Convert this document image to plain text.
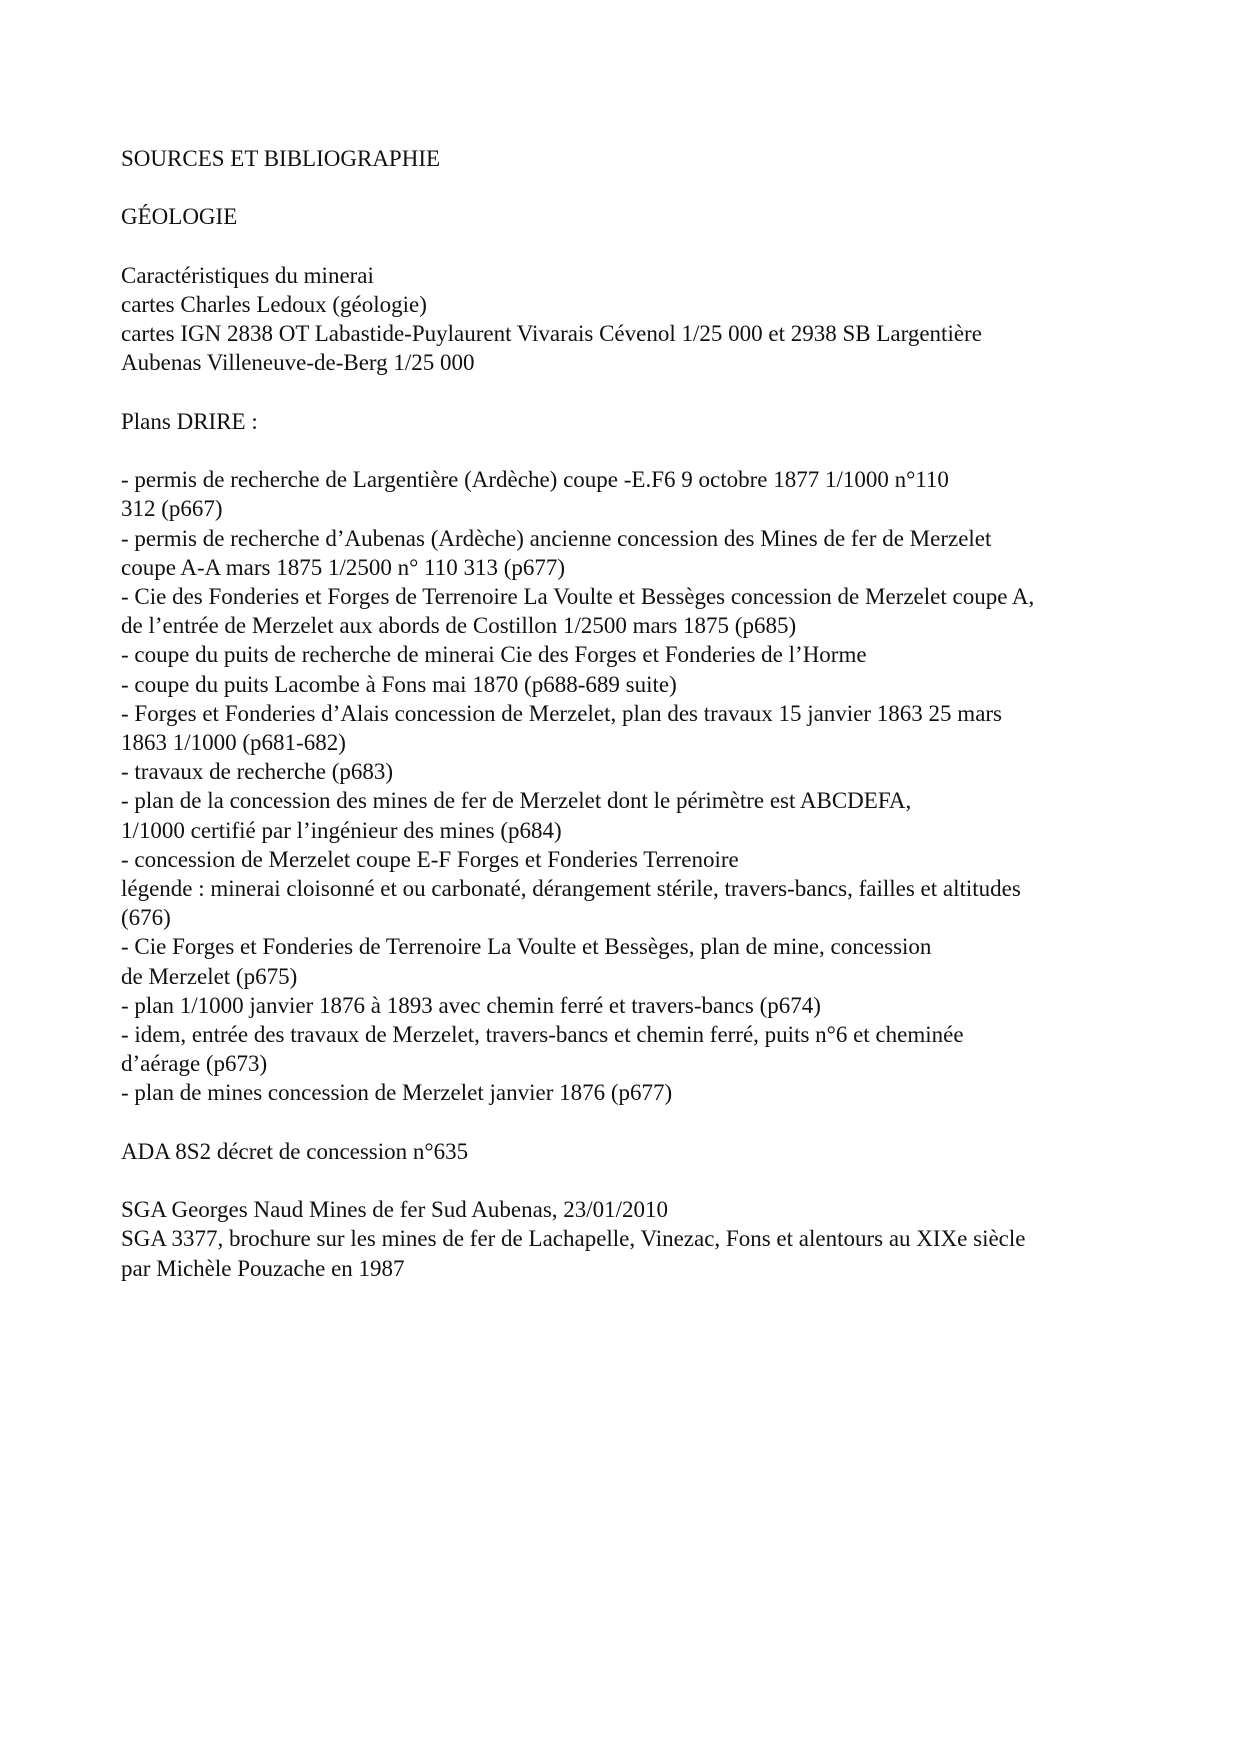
SOURCES ET BIBLIOGRAPHIE
GÉOLOGIE
Caractéristiques du minerai
cartes Charles Ledoux (géologie)
cartes IGN 2838 OT Labastide-Puylaurent Vivarais Cévenol 1/25 000 et 2938 SB Largentière
Aubenas Villeneuve-de-Berg 1/25 000
Plans DRIRE :
- permis de recherche de Largentière (Ardèche) coupe -E.F6 9 octobre 1877 1/1000 n°110
312 (p667)
- permis de recherche d’Aubenas (Ardèche) ancienne concession des Mines de fer de Merzelet
coupe A-A mars 1875 1/2500 n° 110 313 (p677)
- Cie des Fonderies et Forges de Terrenoire La Voulte et Bessèges concession de Merzelet coupe A,
de l’entrée de Merzelet aux abords de Costillon 1/2500 mars 1875 (p685)
- coupe du puits de recherche de minerai Cie des Forges et Fonderies de l’Horme
- coupe du puits Lacombe à Fons mai 1870 (p688-689 suite)
- Forges et Fonderies d’Alais concession de Merzelet, plan des travaux 15 janvier 1863 25 mars
1863 1/1000 (p681-682)
- travaux de recherche (p683)
- plan de la concession des mines de fer de Merzelet dont le périmètre est ABCDEFA,
1/1000 certifié par l’ingénieur des mines (p684)
- concession de Merzelet coupe E-F Forges et Fonderies Terrenoire
légende : minerai cloisonné et ou carbonaté, dérangement stérile, travers-bancs, failles et altitudes
(676)
- Cie Forges et Fonderies de Terrenoire La Voulte et Bessèges, plan de mine, concession
de Merzelet (p675)
- plan 1/1000 janvier 1876 à 1893 avec chemin ferré et travers-bancs (p674)
- idem, entrée des travaux de Merzelet, travers-bancs et chemin ferré, puits n°6 et cheminée
d’aérage (p673)
- plan de mines concession de Merzelet janvier 1876 (p677)
ADA 8S2 décret de concession n°635
SGA Georges Naud Mines de fer Sud Aubenas, 23/01/2010
SGA 3377, brochure sur les mines de fer de Lachapelle, Vinezac, Fons et alentours au XIXe siècle
par Michèle Pouzache en 1987
